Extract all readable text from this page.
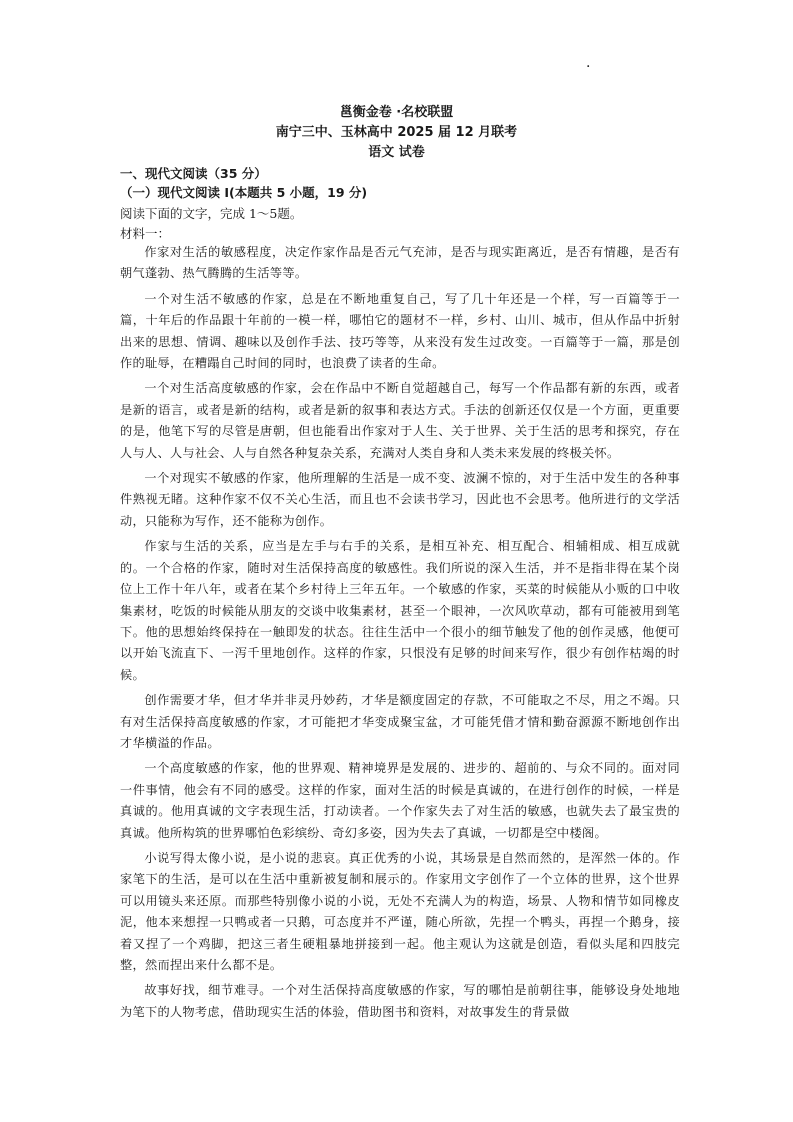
·
邕衡金卷 ·名校联盟
南宁三中、玉林高中 2025 届 12 月联考
语文 试卷
一、现代文阅读（35 分）
（一）现代文阅读 I(本题共 5 小题，19 分)
阅读下面的文字，完成 1～5题。
材料一：

作家对生活的敏感程度，决定作家作品是否元气充沛，是否与现实距离近，是否有情趣，是否有朝气蓬勃、热气腾腾的生活等等。

一个对生活不敏感的作家，总是在不断地重复自己，写了几十年还是一个样，写一百篇等于一篇，十年后的作品跟十年前的一模一样，哪怕它的题材不一样，乡村、山川、城市，但从作品中折射出来的思想、情调、趣味以及创作手法、技巧等等，从来没有发生过改变。一百篇等于一篇，那是创作的耻辱，在糟蹋自己时间的同时，也浪费了读者的生命。

一个对生活高度敏感的作家，会在作品中不断自觉超越自己，每写一个作品都有新的东西，或者是新的语言，或者是新的结构，或者是新的叙事和表达方式。手法的创新还仅仅是一个方面，更重要的是，他笔下写的尽管是唐朝，但也能看出作家对于人生、关于世界、关于生活的思考和探究，存在人与人、人与社会、人与自然各种复杂关系，充满对人类自身和人类未来发展的终极关怀。

一个对现实不敏感的作家，他所理解的生活是一成不变、波澜不惊的，对于生活中发生的各种事件熟视无睹。这种作家不仅不关心生活，而且也不会读书学习，因此也不会思考。他所进行的文学活动，只能称为写作，还不能称为创作。

作家与生活的关系，应当是左手与右手的关系，是相互补充、相互配合、相辅相成、相互成就的。一个合格的作家，随时对生活保持高度的敏感性。我们所说的深入生活，并不是指非得在某个岗位上工作十年八年，或者在某个乡村待上三年五年。一个敏感的作家，买菜的时候能从小贩的口中收集素材，吃饭的时候能从朋友的交谈中收集素材，甚至一个眼神，一次风吹草动，都有可能被用到笔下。他的思想始终保持在一触即发的状态。往往生活中一个很小的细节触发了他的创作灵感，他便可以开始飞流直下、一泻千里地创作。这样的作家，只恨没有足够的时间来写作，很少有创作枯竭的时候。

创作需要才华，但才华并非灵丹妙药，才华是额度固定的存款，不可能取之不尽，用之不竭。只有对生活保持高度敏感的作家，才可能把才华变成聚宝盆，才可能凭借才情和勤奋源源不断地创作出才华横溢的作品。

一个高度敏感的作家，他的世界观、精神境界是发展的、进步的、超前的、与众不同的。面对同一件事情，他会有不同的感受。这样的作家，面对生活的时候是真诚的，在进行创作的时候，一样是真诚的。他用真诚的文字表现生活，打动读者。一个作家失去了对生活的敏感，也就失去了最宝贵的真诚。他所构筑的世界哪怕色彩缤纷、奇幻多姿，因为失去了真诚，一切都是空中楼阁。

小说写得太像小说，是小说的悲哀。真正优秀的小说，其场景是自然而然的，是浑然一体的。作家笔下的生活，是可以在生活中重新被复制和展示的。作家用文字创作了一个立体的世界，这个世界可以用镜头来还原。而那些特别像小说的小说，无处不充满人为的构造，场景、人物和情节如同橡皮泥，他本来想捏一只鸭或者一只鹅，可态度并不严谨，随心所欲，先捏一个鸭头，再捏一个鹅身，接着又捏了一个鸡脚，把这三者生硬粗暴地拼接到一起。他主观认为这就是创造，看似头尾和四肢完整，然而捏出来什么都不是。

故事好找，细节难寻。一个对生活保持高度敏感的作家，写的哪怕是前朝往事，能够设身处地地为笔下的人物考虑，借助现实生活的体验，借助图书和资料，对故事发生的背景做
